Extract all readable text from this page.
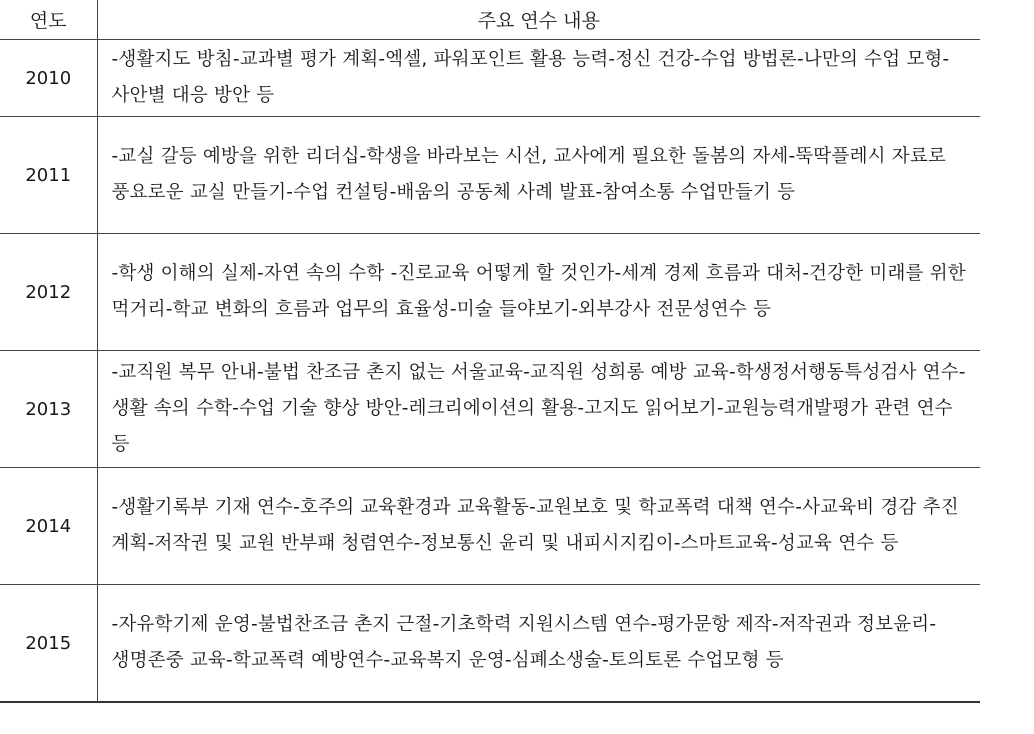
연도	주요 연수 내용
2010	-생활지도 방침-교과별 평가 계획-엑셀, 파워포인트 활용 능력-정신 건강-수업 방법론-나만의 수업 모형-사안별 대응 방안 등
2011	-교실 갈등 예방을 위한 리더십-학생을 바라보는 시선, 교사에게 필요한 돌봄의 자세-뚝딱플레시 자료로 풍요로운 교실 만들기-수업 컨설팅-배움의 공동체 사례 발표-참여소통 수업만들기 등
2012	-학생 이해의 실제-자연 속의 수학 -진로교육 어떻게 할 것인가-세계 경제 흐름과 대처-건강한 미래를 위한 먹거리-학교 변화의 흐름과 업무의 효율성-미술 들야보기-외부강사 전문성연수 등
2013	-교직원 복무 안내-불법 찬조금 촌지 없는 서울교육-교직원 성희롱 예방 교육-학생정서행동특성검사 연수-생활 속의 수학-수업 기술 향상 방안-레크리에이션의 활용-고지도 읽어보기-교원능력개발평가 관련 연수 등
2014	-생활기록부 기재 연수-호주의 교육환경과 교육활동-교원보호 및 학교폭력 대책 연수-사교육비 경감 추진 계획-저작권 및 교원 반부패 청렴연수-정보통신 윤리 및 내피시지킴이-스마트교육-성교육 연수 등
2015	-자유학기제 운영-불법찬조금 촌지 근절-기초학력 지원시스템 연수-평가문항 제작-저작권과 정보윤리-생명존중 교육-학교폭력 예방연수-교육복지 운영-심폐소생술-토의토론 수업모형 등
